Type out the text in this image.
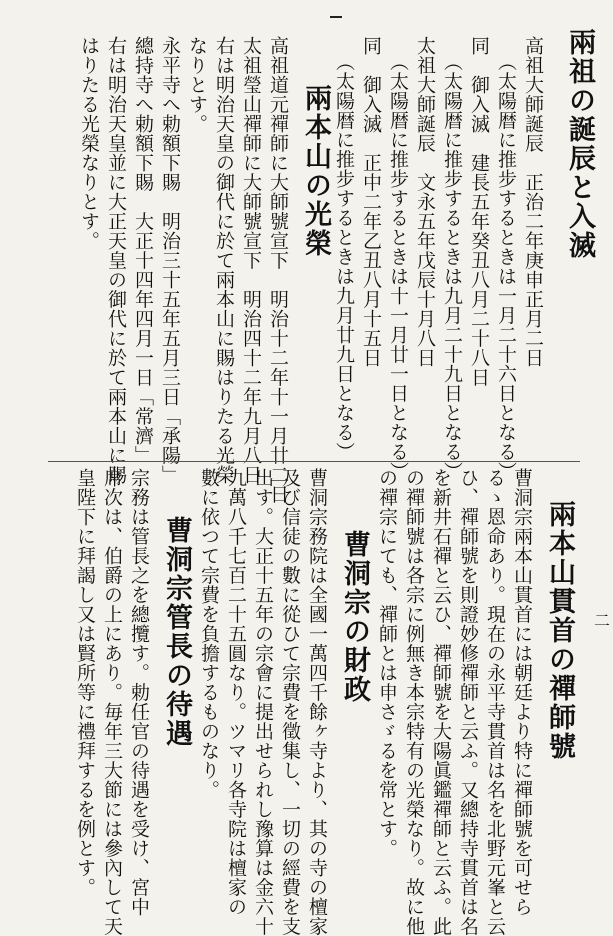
兩祖の誕辰と入滅
高祖大師誕辰　正治二年庚申正月二日
（太陽暦に推步するときは一月二十六日となる）
同　御入滅　建長五年癸丑八月二十八日
（太陽暦に推步するときは九月二十九日となる）
太祖大師誕辰　文永五年戊辰十月八日
（太陽暦に推步するときは十一月廿一日となる）
同　御入滅　正中二年乙丑八月十五日
（太陽暦に推步するときは九月廿九日となる）
兩本山の光榮
高祖道元禪師に大師號宣下　明治十二年十一月廿二日
太祖瑩山禪師に大師號宣下　明治四十二年九月八日
右は明治天皇の御代に於て兩本山に賜はりたる光榮
なりとす。
永平寺へ勅額下賜　明治三十五年五月三日「承陽」
總持寺へ勅額下賜　大正十四年四月一日「常濟」
右は明治天皇並に大正天皇の御代に於て兩本山に賜
はりたる光榮なりとす。
兩本山貫首の禪師號
曹洞宗兩本山貫首には朝廷より特に禪師號を可せら
るゝ恩命あり。現在の永平寺貫首は名を北野元峯と云
ひ、禪師號を則證妙修禪師と云ふ。又總持寺貫首は名
を新井石禪と云ひ、禪師號を大陽眞鑑禪師と云ふ。此
の禪師號は各宗に例無き本宗特有の光榮なり。故に他
の禪宗にても、禪師とは申さゞるを常とす。
曹洞宗の財政
曹洞宗務院は全國一萬四千餘ヶ寺より、其の寺の檀家
及び信徒の數に從ひて宗費を徵集し、一切の經費を支
出す。大正十五年の宗會に提出せられし豫算は金六十
九萬八千七百二十五圓なり。ツマリ各寺院は檀家の
數に依つて宗費を負擔するものなり。
曹洞宗管長の待遇
宗務は管長之を總攬す。勅任官の待遇を受け、宮中
席次は、伯爵の上にあり。毎年三大節には參內して天
皇陛下に拜謁し又は賢所等に禮拜するを例とす。	二
